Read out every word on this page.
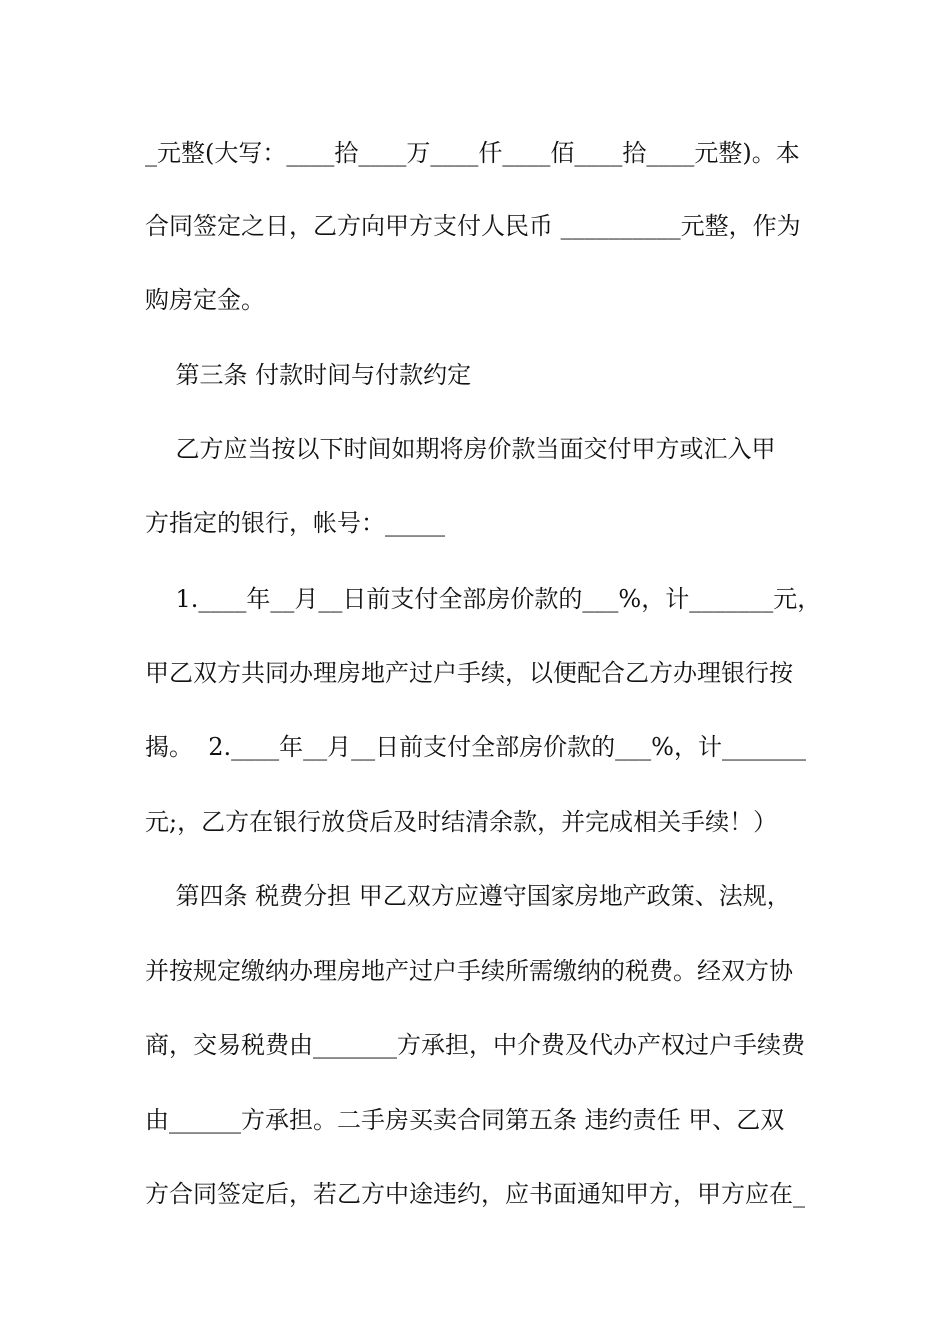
_元整(大写：____拾____万____仟____佰____拾____元整)。本
合同签定之日，乙方向甲方支付人民币 __________元整，作为
购房定金。
第三条 付款时间与付款约定
乙方应当按以下时间如期将房价款当面交付甲方或汇入甲
方指定的银行，帐号：_____
1.____年__月__日前支付全部房价款的___%，计_______元，
甲乙双方共同办理房地产过户手续，以便配合乙方办理银行按
揭。  2.____年__月__日前支付全部房价款的___%，计_______
元;，乙方在银行放贷后及时结清余款，并完成相关手续！）
第四条 税费分担 甲乙双方应遵守国家房地产政策、法规，
并按规定缴纳办理房地产过户手续所需缴纳的税费。经双方协
商，交易税费由_______方承担，中介费及代办产权过户手续费
由______方承担。二手房买卖合同第五条 违约责任 甲、乙双
方合同签定后，若乙方中途违约，应书面通知甲方，甲方应在_
